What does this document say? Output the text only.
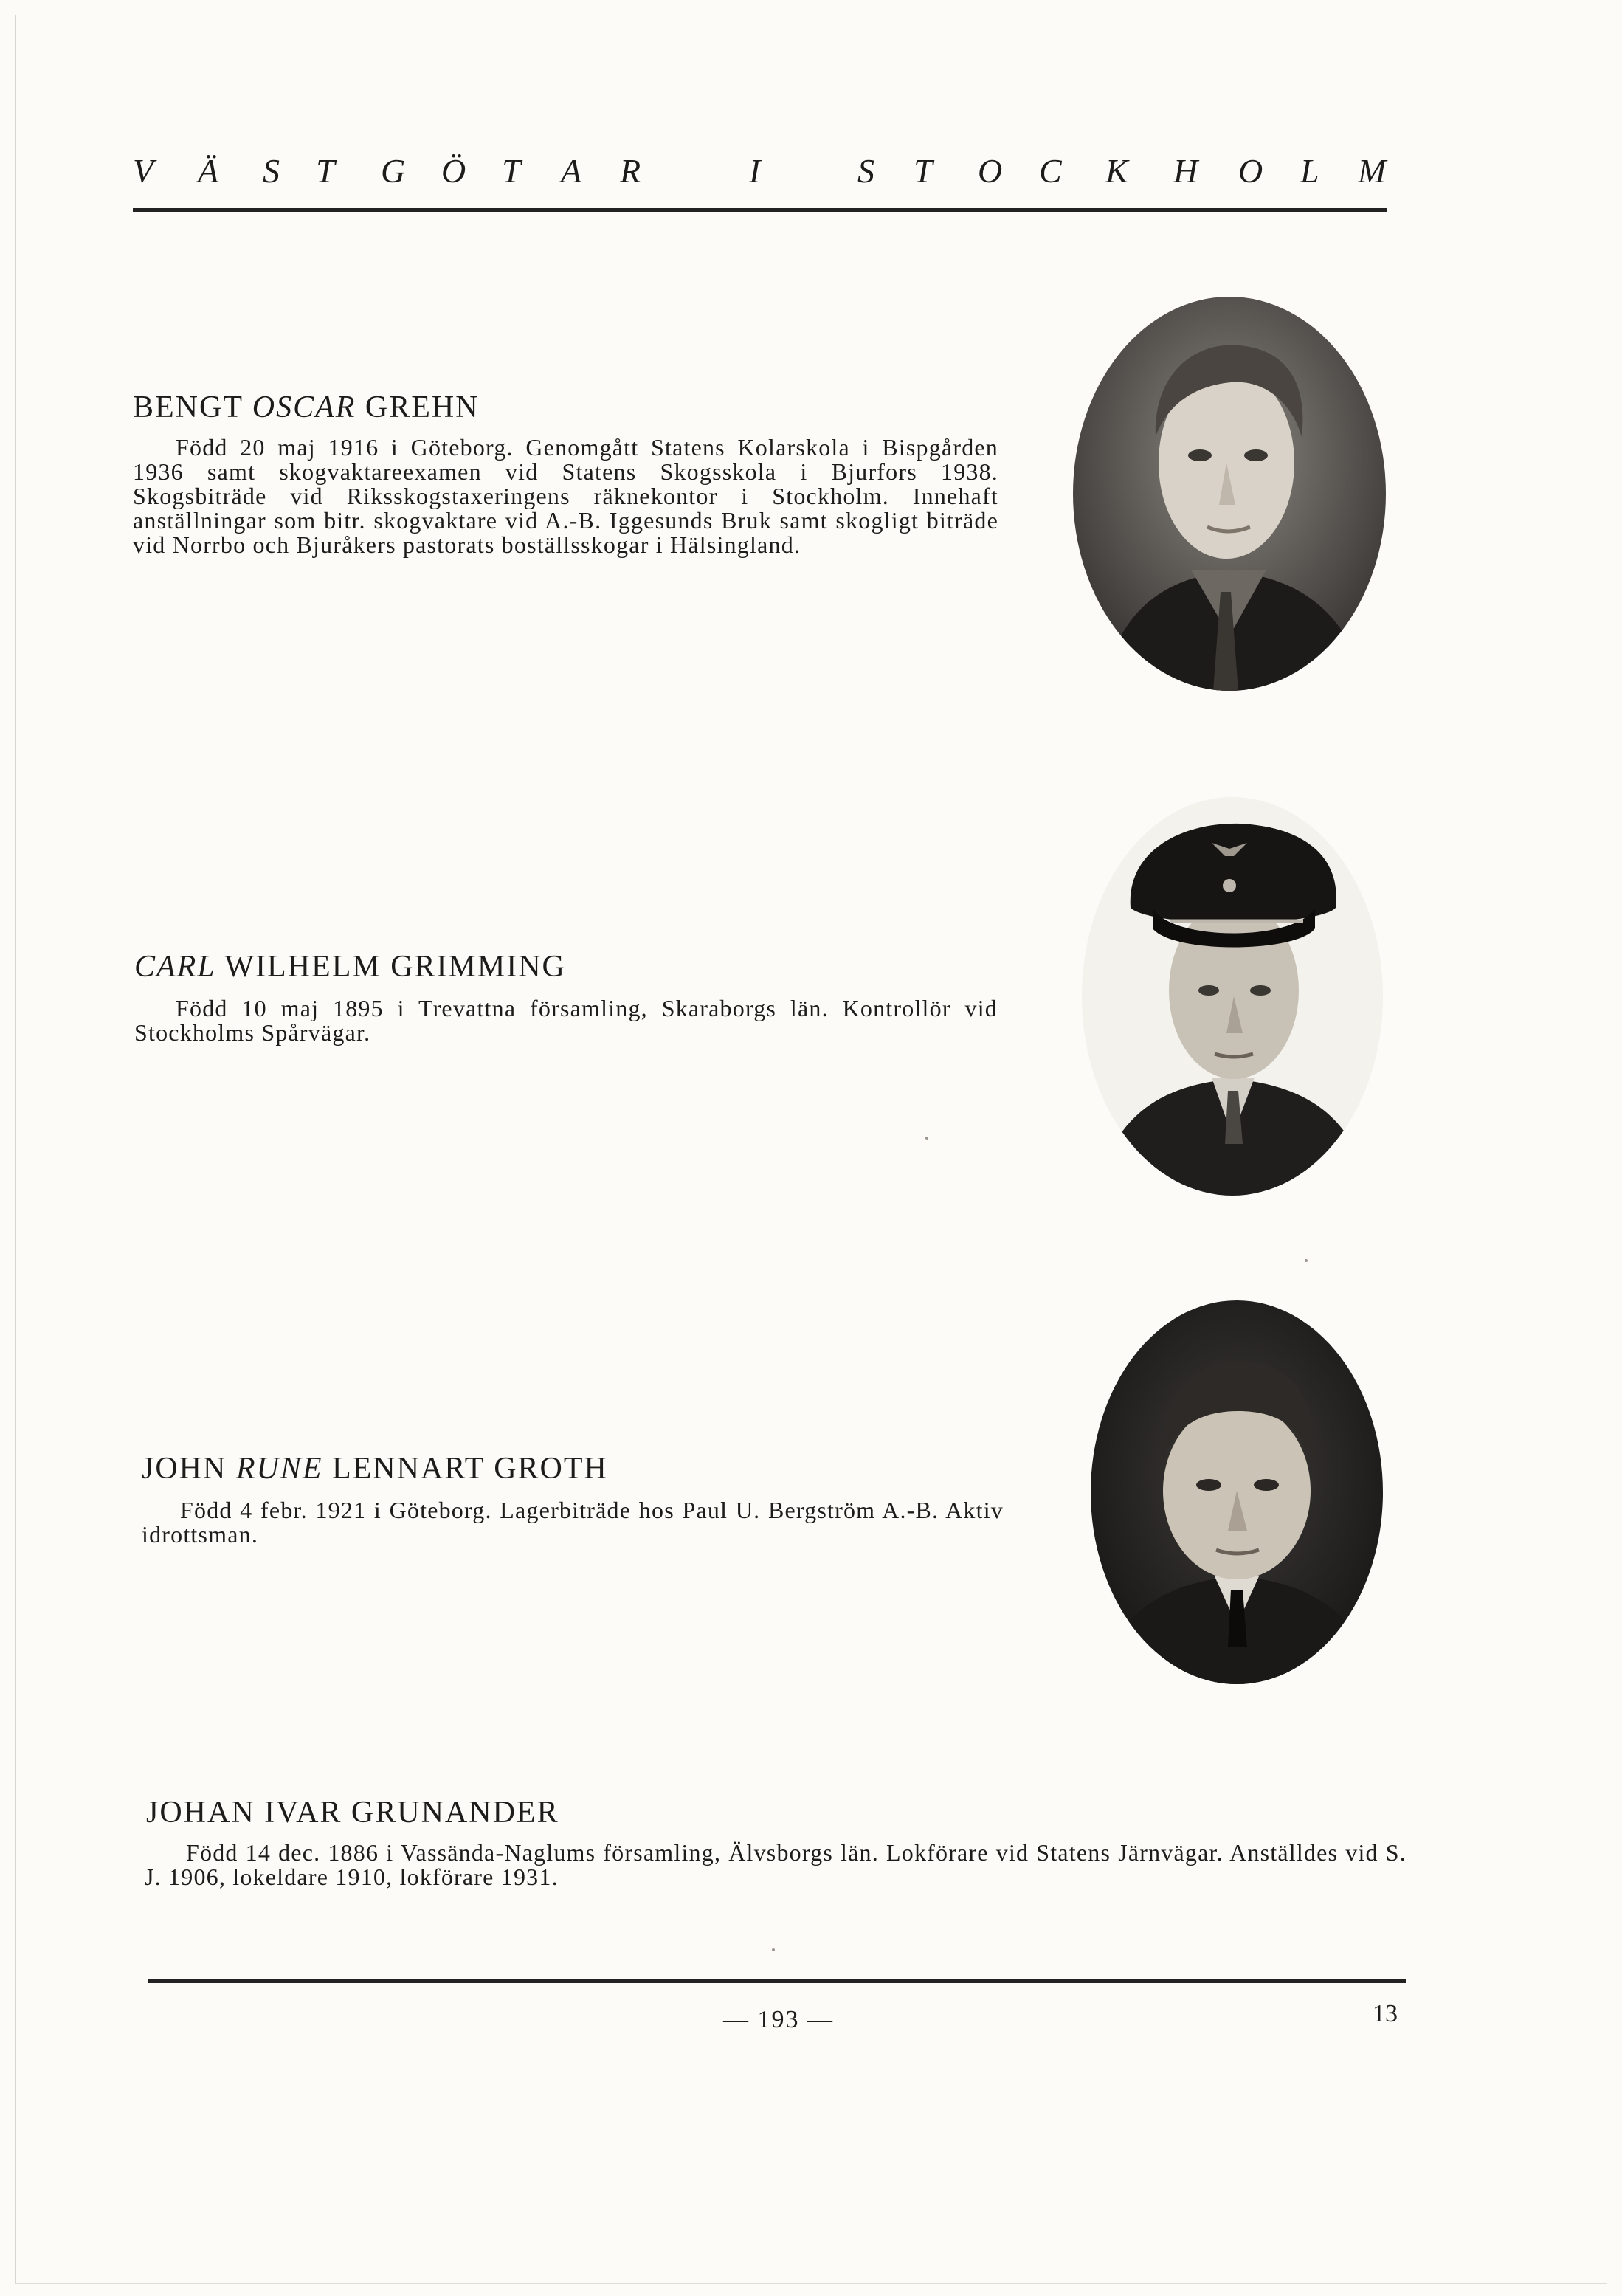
V Ä S T G Ö T A R	I	S T O C K H O L M
BENGT OSCAR GREHN
Född 20 maj 1916 i Göteborg. Genomgått Statens Kolarskola i Bispgården 1936 samt skogvaktareexamen vid Statens Skogsskola i Bjurfors 1938. Skogsbiträde vid Riksskogstaxeringens räknekontor i Stockholm. Innehaft anställningar som bitr. skogvaktare vid A.-B. Iggesunds Bruk samt skogligt biträde vid Norrbo och Bjuråkers pastorats boställsskogar i Hälsingland.
CARL WILHELM GRIMMING
Född 10 maj 1895 i Trevattna församling, Skaraborgs län. Kontrollör vid Stockholms Spårvägar.
JOHN RUNE LENNART GROTH
Född 4 febr. 1921 i Göteborg. Lagerbiträde hos Paul U. Bergström A.-B. Aktiv idrottsman.
JOHAN IVAR GRUNANDER
Född 14 dec. 1886 i Vassända-Naglums församling, Älvsborgs län. Lokförare vid Statens Järnvägar. Anställdes vid S. J. 1906, lokeldare 1910, lokförare 1931.
— 193 —	13
